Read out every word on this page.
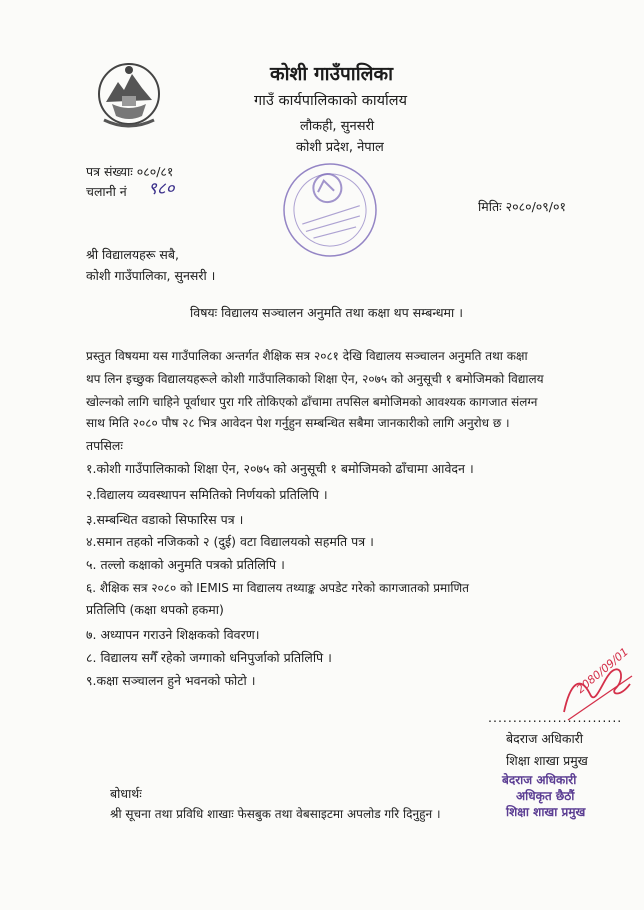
कोशी गाउँपालिका
गाउँ कार्यपालिकाको कार्यालय
लौकही, सुनसरी
कोशी प्रदेश, नेपाल
पत्र संख्याः ०८०/८१
चलानी नं ९८०
मितिः २०८०/०९/०१
श्री विद्यालयहरू सबै,
कोशी गाउँपालिका, सुनसरी ।
विषयः विद्यालय सञ्चालन अनुमति तथा कक्षा थप सम्बन्धमा ।
प्रस्तुत विषयमा यस गाउँपालिका अन्तर्गत शैक्षिक सत्र २०८१ देखि विद्यालय सञ्चालन अनुमति तथा कक्षा
थप लिन इच्छुक विद्यालयहरूले कोशी गाउँपालिकाको शिक्षा ऐन, २०७५ को अनुसूची १ बमोजिमको विद्यालय
खोल्नको लागि चाहिने पूर्वाधार पुरा गरि तोकिएको ढाँचामा तपसिल बमोजिमको आवश्यक कागजात संलग्न
साथ मिति २०८० पौष २८ भित्र आवेदन पेश गर्नुहुन सम्बन्धित सबैमा जानकारीको लागि अनुरोध छ ।
तपसिलः
१.कोशी गाउँपालिकाको शिक्षा ऐन, २०७५ को अनुसूची १ बमोजिमको ढाँचामा आवेदन ।
२.विद्यालय व्यवस्थापन समितिको निर्णयको प्रतिलिपि ।
३.सम्बन्धित वडाको सिफारिस पत्र ।
४.समान तहको नजिकको २ (दुई) वटा विद्यालयको सहमति पत्र ।
५. तल्लो कक्षाको अनुमति पत्रको प्रतिलिपि ।
६. शैक्षिक सत्र २०८० को IEMIS मा विद्यालय तथ्याङ्क अपडेट गरेको कागजातको प्रमाणित
प्रतिलिपि (कक्षा थपको हकमा)
७. अध्यापन गराउने शिक्षकको विवरण।
८. विद्यालय सगैँ रहेको जग्गाको धनिपुर्जाको प्रतिलिपि ।
९.कक्षा सञ्चालन हुने भवनको फोटो ।	2080/09/01
...........................
बेदराज अधिकारी
शिक्षा शाखा प्रमुख
बेदराज अधिकारी
अधिकृत छैठौं
शिक्षा शाखा प्रमुख
बोधार्थः
श्री सूचना तथा प्रविधि शाखाः फेसबुक तथा वेबसाइटमा अपलोड गरि दिनुहुन ।
